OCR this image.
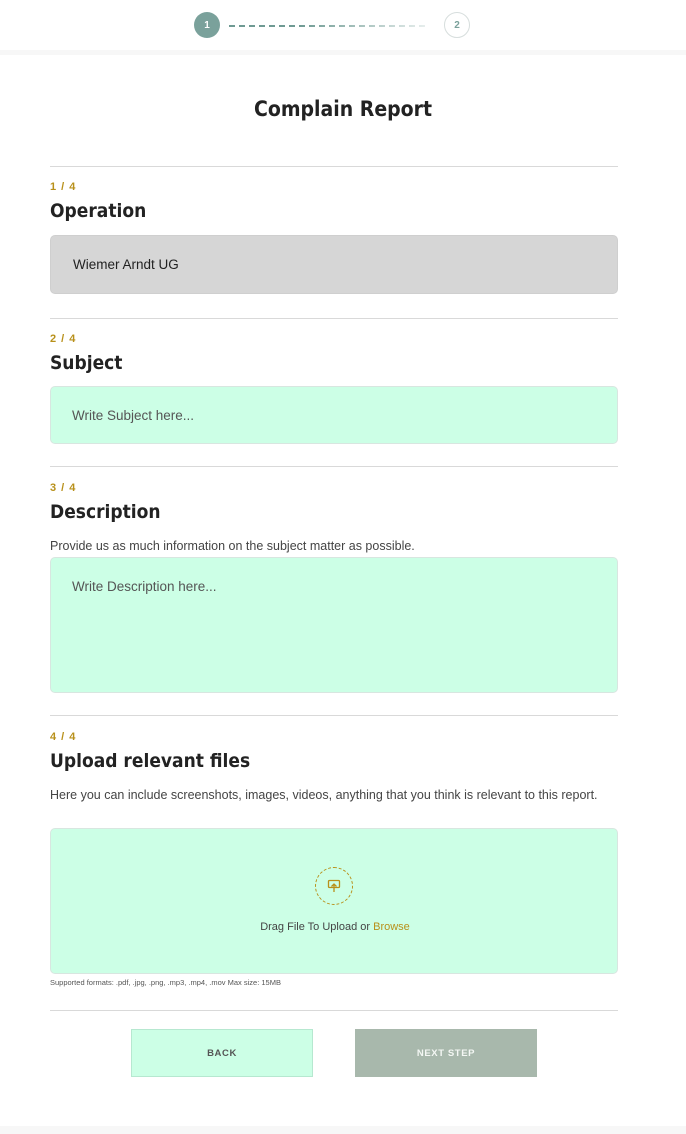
1	2
Complain Report
1 / 4
Operation
Wiemer Arndt UG
2 / 4
Subject
Write Subject here...
3 / 4
Description
Provide us as much information on the subject matter as possible.
Write Description here...
4 / 4
Upload relevant files
Here you can include screenshots, images, videos, anything that you think is relevant to this report.
Drag File To Upload or Browse
Supported formats: .pdf, .jpg, .png, .mp3, .mp4, .mov Max size: 15MB
BACK	NEXT STEP
